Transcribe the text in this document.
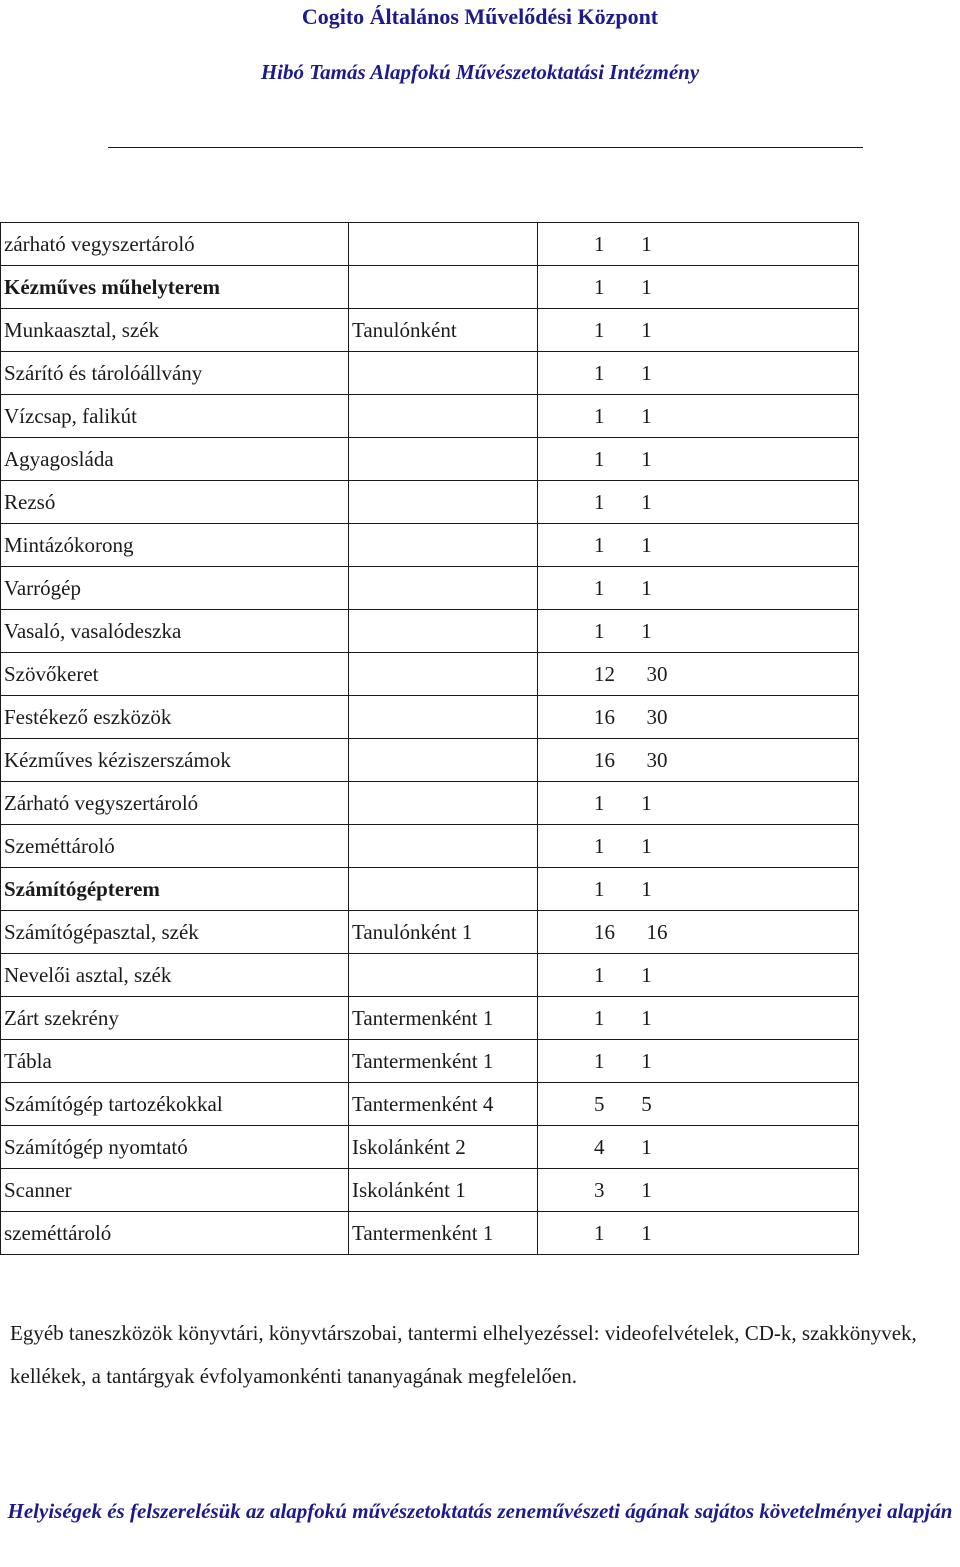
Cogito Általános Művelődési Központ
Hibó Tamás Alapfokú Művészetoktatási Intézmény
zárható vegyszertároló		1       1
Kézműves műhelyterem		1       1
Munkaasztal, szék	Tanulónként	1       1
Szárító és tárolóállvány		1       1
Vízcsap, falikút		1       1
Agyagosláda		1       1
Rezsó		1       1
Mintázókorong		1       1
Varrógép		1       1
Vasaló, vasalódeszka		1       1
Szövőkeret		12      30
Festékező eszközök		16      30
Kézműves kéziszerszámok		16      30
Zárható vegyszertároló		1       1
Szeméttároló		1       1
Számítógépterem		1       1
Számítógépasztal, szék	Tanulónként 1	16      16
Nevelői asztal, szék		1       1
Zárt szekrény	Tantermenként 1	1       1
Tábla	Tantermenként 1	1       1
Számítógép tartozékokkal	Tantermenként 4	5       5
Számítógép nyomtató	Iskolánként 2	4       1
Scanner	Iskolánként 1	3       1
szeméttároló	Tantermenként 1	1       1
Egyéb taneszközök könyvtári, könyvtárszobai, tantermi elhelyezéssel: videofelvételek, CD-k, szakkönyvek, kellékek, a tantárgyak évfolyamonkénti tananyagának megfelelően.
Helyiségek és felszerelésük az alapfokú művészetoktatás zeneművészeti ágának sajátos követelményei alapján
